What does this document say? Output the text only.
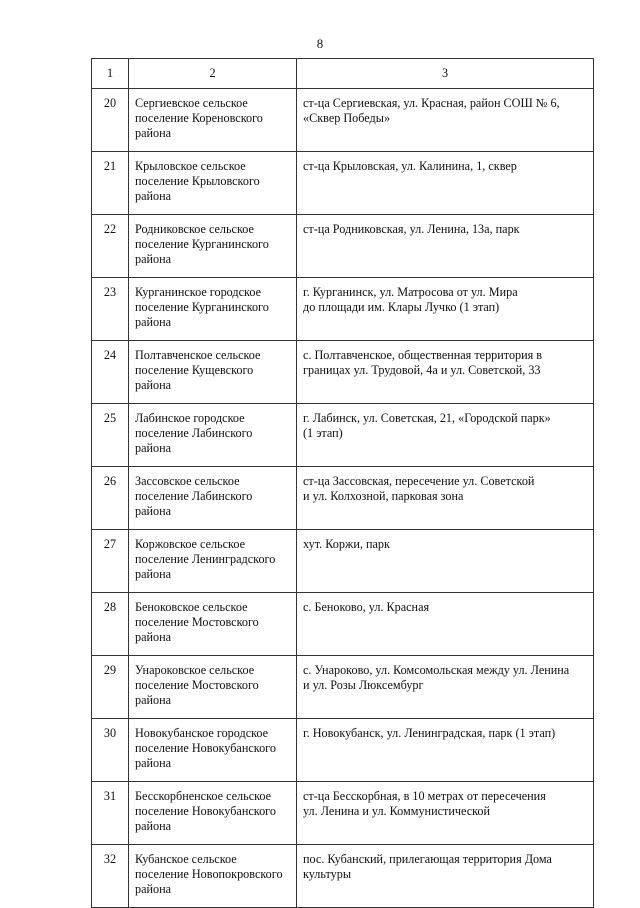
8
1	2	3
20	Сергиевское сельское
поселение Кореновского
района	ст-ца Сергиевская, ул. Красная, район СОШ № 6,
«Сквер Победы»

21	Крыловское сельское
поселение Крыловского
района	ст-ца Крыловская, ул. Калинина, 1, сквер

22	Родниковское сельское
поселение Курганинского
района	ст-ца Родниковская, ул. Ленина, 13а, парк

23	Курганинское городское
поселение Курганинского
района	г. Курганинск, ул. Матросова от ул. Мира
до площади им. Клары Лучко (1 этап)

24	Полтавченское сельское
поселение Кущевского
района	с. Полтавченское, общественная территория в
границах ул. Трудовой, 4а и ул. Советской, 33

25	Лабинское городское
поселение Лабинского
района	г. Лабинск, ул. Советская, 21, «Городской парк»
(1 этап)

26	Зассовское сельское
поселение Лабинского
района	ст-ца Зассовская, пересечение ул. Советской
и ул. Колхозной, парковая зона

27	Коржовское сельское
поселение Ленинградского
района	хут. Коржи, парк

28	Беноковское сельское
поселение Мостовского
района	с. Беноково, ул. Красная

29	Унароковское сельское
поселение Мостовского
района	с. Унароково, ул. Комсомольская между ул. Ленина
и ул. Розы Люксембург

30	Новокубанское городское
поселение Новокубанского
района	г. Новокубанск, ул. Ленинградская, парк (1 этап)

31	Бесскорбненское сельское
поселение Новокубанского
района	ст-ца Бесскорбная, в 10 метрах от пересечения
ул. Ленина и ул. Коммунистической

32	Кубанское сельское
поселение Новопокровского
района	пос. Кубанский, прилегающая территория Дома
культуры
